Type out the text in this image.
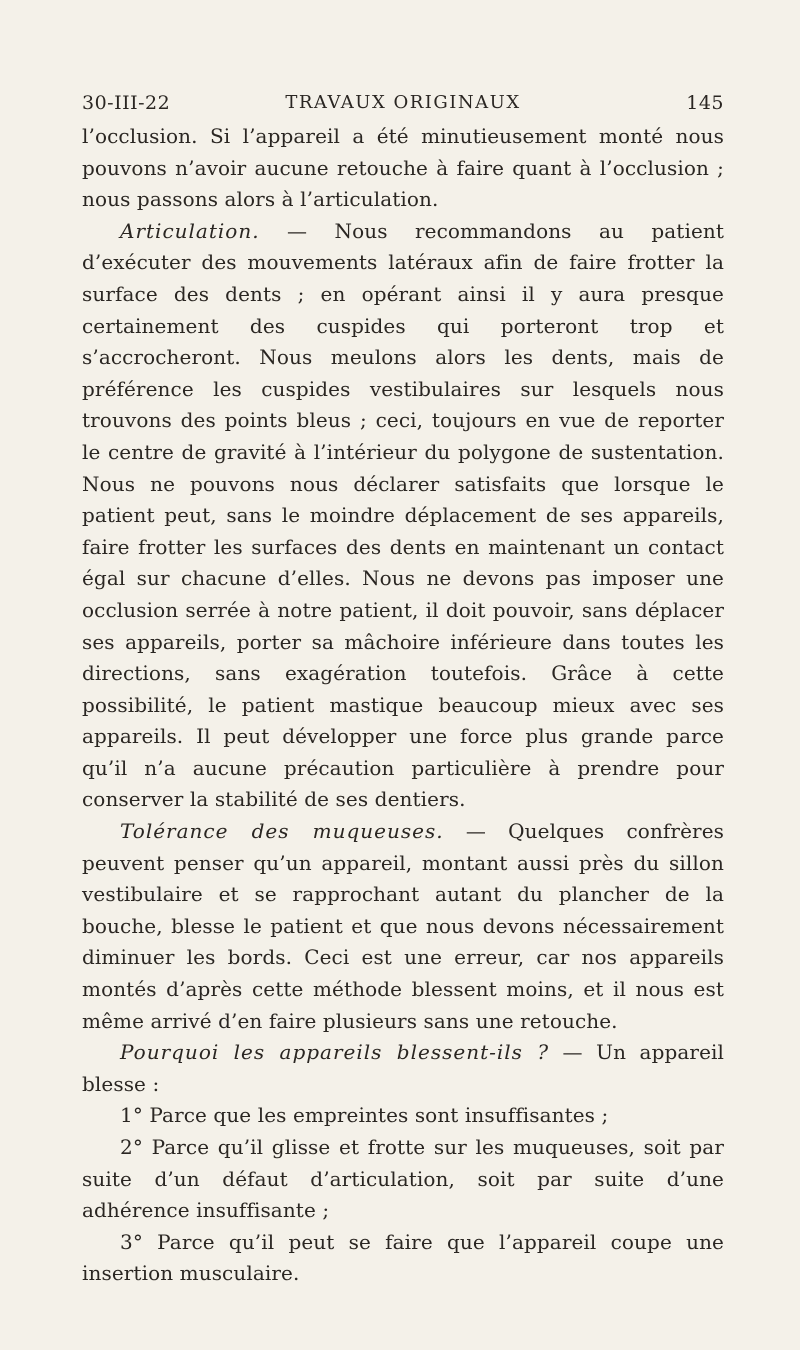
30-III-22	TRAVAUX ORIGINAUX	145

l’occlusion. Si l’appareil a été minutieusement monté nous pouvons n’avoir aucune retouche à faire quant à l’occlusion ; nous passons alors à l’articulation.

Articulation. — Nous recommandons au patient d’exécuter des mouvements latéraux afin de faire frotter la surface des dents ; en opérant ainsi il y aura presque certainement des cuspides qui porteront trop et s’accrocheront. Nous meulons alors les dents, mais de préférence les cuspides vestibulaires sur lesquels nous trouvons des points bleus ; ceci, toujours en vue de reporter le centre de gravité à l’intérieur du polygone de sustentation. Nous ne pouvons nous déclarer satisfaits que lorsque le patient peut, sans le moindre déplacement de ses appareils, faire frotter les surfaces des dents en maintenant un contact égal sur chacune d’elles. Nous ne devons pas imposer une occlusion serrée à notre patient, il doit pouvoir, sans déplacer ses appareils, porter sa mâchoire inférieure dans toutes les directions, sans exagération toutefois. Grâce à cette possibilité, le patient mastique beaucoup mieux avec ses appareils. Il peut développer une force plus grande parce qu’il n’a aucune précaution particulière à prendre pour conserver la stabilité de ses dentiers.

Tolérance des muqueuses. — Quelques confrères peuvent penser qu’un appareil, montant aussi près du sillon vestibulaire et se rapprochant autant du plancher de la bouche, blesse le patient et que nous devons nécessairement diminuer les bords. Ceci est une erreur, car nos appareils montés d’après cette méthode blessent moins, et il nous est même arrivé d’en faire plusieurs sans une retouche.

Pourquoi les appareils blessent-ils ? — Un appareil blesse :

1° Parce que les empreintes sont insuffisantes ;

2° Parce qu’il glisse et frotte sur les muqueuses, soit par suite d’un défaut d’articulation, soit par suite d’une adhérence insuffisante ;

3° Parce qu’il peut se faire que l’appareil coupe une insertion musculaire.
